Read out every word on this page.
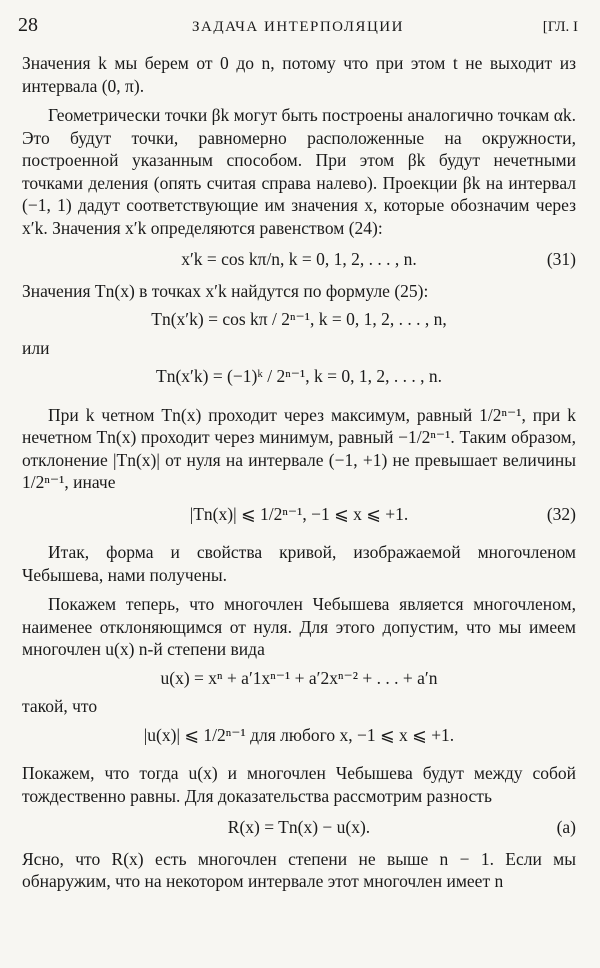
28	ЗАДАЧА ИНТЕРПОЛЯЦИИ	[ГЛ. I

Значения k мы берем от 0 до n, потому что при этом t не выходит из интервала (0, π).

Геометрически точки βk могут быть построены аналогично точкам αk. Это будут точки, равномерно расположенные на окружности, построенной указанным способом. При этом βk будут нечетными точками деления (опять считая справа налево). Проекции βk на интервал (−1, 1) дадут соответствующие им значения x, которые обозначим через x′k. Значения x′k определяются равенством (24):

x′k = cos kπ/n, k = 0, 1, 2, . . . , n.	(31)

Значения Tn(x) в точках x′k найдутся по формуле (25):

Tn(x′k) = cos kπ / 2ⁿ⁻¹, k = 0, 1, 2, . . . , n,

или

Tn(x′k) = (−1)ᵏ / 2ⁿ⁻¹, k = 0, 1, 2, . . . , n.

При k четном Tn(x) проходит через максимум, равный 1/2ⁿ⁻¹, при k нечетном Tn(x) проходит через минимум, равный −1/2ⁿ⁻¹. Таким образом, отклонение |Tn(x)| от нуля на интервале (−1, +1) не превышает величины 1/2ⁿ⁻¹, иначе

|Tn(x)| ⩽ 1/2ⁿ⁻¹, −1 ⩽ x ⩽ +1.	(32)

Итак, форма и свойства кривой, изображаемой многочленом Чебышева, нами получены.

Покажем теперь, что многочлен Чебышева является многочленом, наименее отклоняющимся от нуля. Для этого допустим, что мы имеем многочлен u(x) n-й степени вида

u(x) = xⁿ + a′1xⁿ⁻¹ + a′2xⁿ⁻² + . . . + a′n

такой, что

|u(x)| ⩽ 1/2ⁿ⁻¹ для любого x, −1 ⩽ x ⩽ +1.

Покажем, что тогда u(x) и многочлен Чебышева будут между собой тождественно равны. Для доказательства рассмотрим разность

R(x) = Tn(x) − u(x).	(a)

Ясно, что R(x) есть многочлен степени не выше n − 1. Если мы обнаружим, что на некотором интервале этот многочлен имеет n
